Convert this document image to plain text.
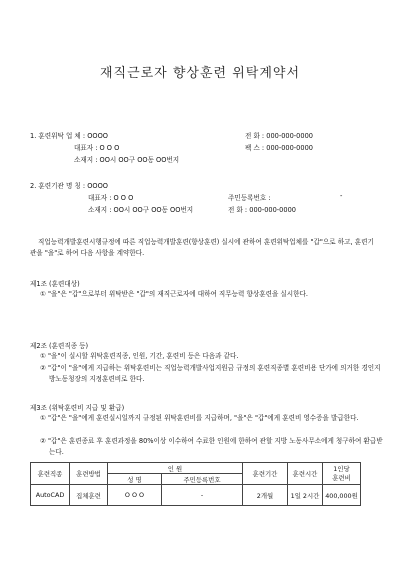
재직근로자 향상훈련 위탁계약서
1. 훈련위탁 업 체 : OOOO	전 화 : 000-000-0000
대표자 : O O O	팩 스 : 000-000-0000
소재지 : OO시 OO구 OO동 OO번지
2. 훈련기관 명 칭 : OOOO
대표자 : O O O	주민등록번호 :	-
소재지 : OO시 OO구 OO동 OO번지	전 화 : 000-000-0000
직업능력개발훈련시행규정에 따른 직업능력개발훈련(향상훈련) 실시에 관하여 훈련위탁업체를 "갑"으로 하고, 훈련기관을 "을"로 하여 다음 사항을 계약한다.
제1조 (훈련대상)
① "을"은 "갑"으로부터 위탁받은 "갑"의 재직근로자에 대하여 직무능력 향상훈련을 실시한다.
제2조 (훈련직종 등)
① "을"이 실시할 위탁훈련직종, 인원, 기간, 훈련비 등은 다음과 같다.
② "갑"이 "을"에게 지급하는 위탁훈련비는 직업능력개발사업지원금 규정의 훈련직종별 훈련비용 단가에 의거한 경인지방노동청장의 지정훈련비로 한다.
제3조 (위탁훈련비 지급 및 환급)
① "갑"은 "을"에게 훈련실시일까지 규정된 위탁훈련비를 지급하며, "을"은 "갑"에게 훈련비 영수증을 발급한다.
② "갑"은 훈련종료 후 훈련과정을 80%이상 이수하여 수료한 인원에 한하여 관할 지방 노동사무소에게 청구하여 환급받는다.
훈련직종	훈련방법	인 원		훈련기간	훈련시간	1인당
훈련비

		성 명	주민등록번호			
AutoCAD	집체훈련	O O O	-	2개월	1일 2시간	400,000원
